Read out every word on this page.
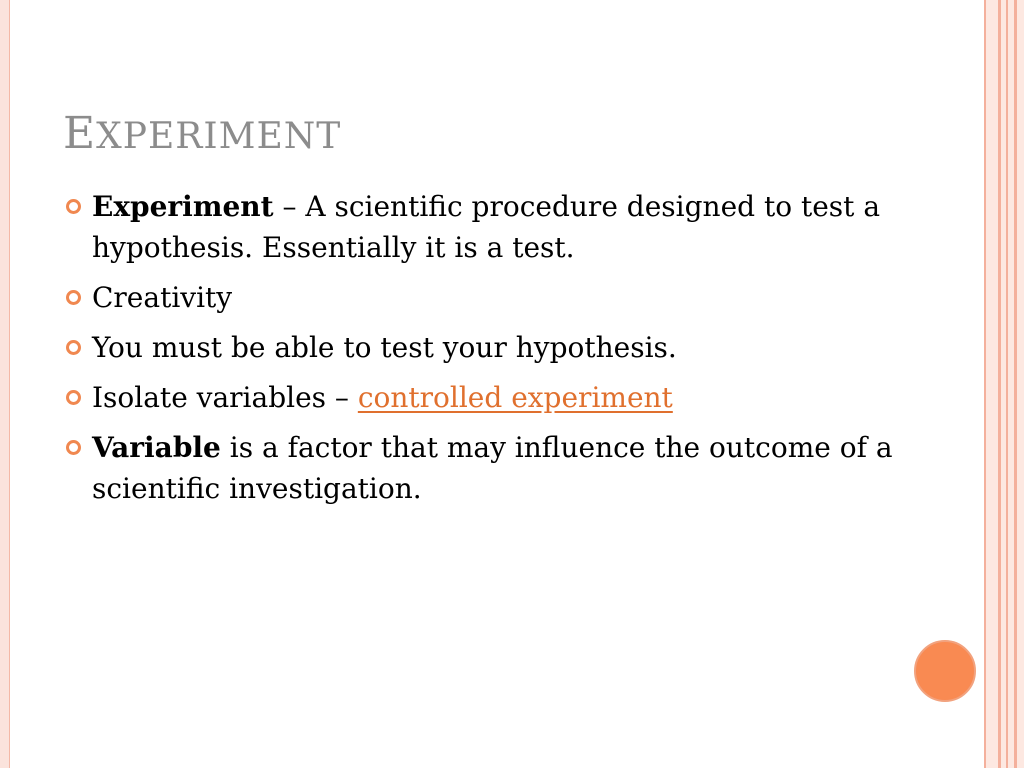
EXPERIMENT
Experiment – A scientific procedure designed to test a hypothesis. Essentially it is a test.
Creativity
You must be able to test your hypothesis.
Isolate variables – controlled experiment
Variable is a factor that may influence the outcome of a scientific investigation.
